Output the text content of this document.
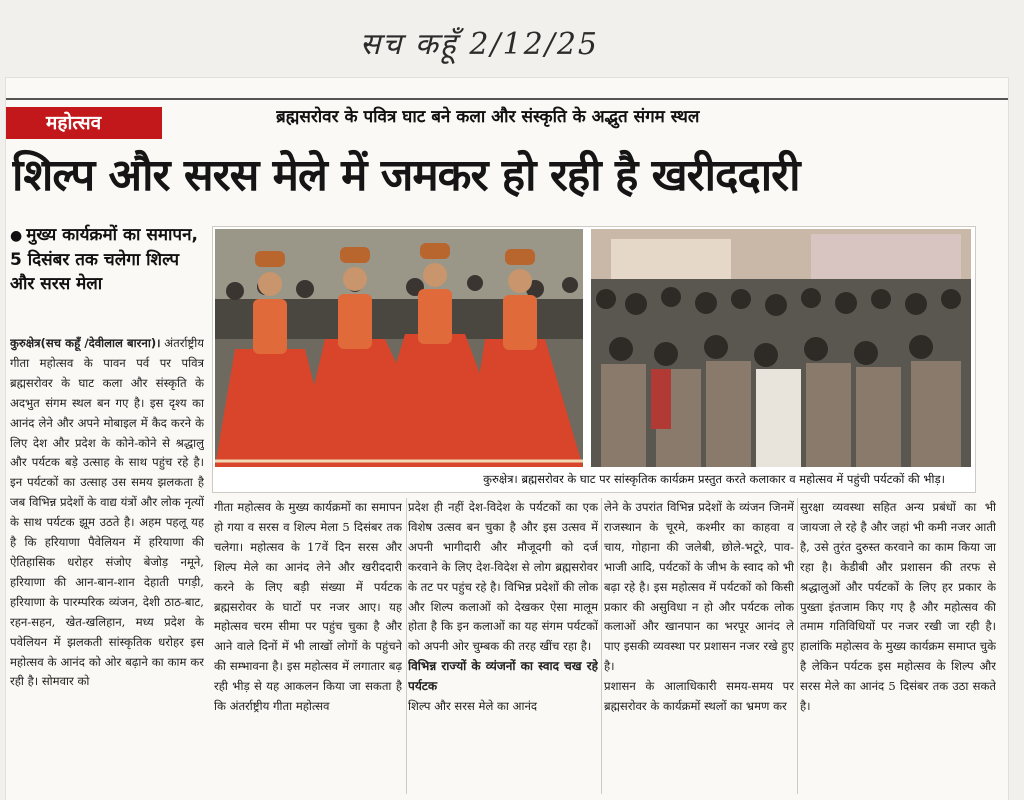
सच कहूँ 2/12/25
महोत्सव	ब्रह्मसरोवर के पवित्र घाट बने कला और संस्कृति के अद्भुत संगम स्थल
शिल्प और सरस मेले में जमकर हो रही है खरीददारी
● मुख्य कार्यक्रमों का समापन, 5 दिसंबर तक चलेगा शिल्प और सरस मेला
कुरुक्षेत्र(सच कहूँ /देवीलाल बारना)। अंतर्राष्ट्रीय गीता महोत्सव के पावन पर्व पर पवित्र ब्रह्मसरोवर के घाट कला और संस्कृति के अदभुत संगम स्थल बन गए है। इस दृश्य का आनंद लेने और अपने मोबाइल में कैद करने के लिए देश और प्रदेश के कोने-कोने से श्रद्धालु और पर्यटक बड़े उत्साह के साथ पहुंच रहे है। इन पर्यटकों का उत्साह उस समय झलकता है जब विभिन्न प्रदेशों के वाद्य यंत्रों और लोक नृत्यों के साथ पर्यटक झूम उठते है। अहम पहलू यह है कि हरियाणा पैवेलियन में हरियाणा की ऐतिहासिक धरोहर संजोए बेजोड़ नमूने, हरियाणा की आन-बान-शान देहाती पगड़ी, हरियाणा के पारम्परिक व्यंजन, देशी ठाठ-बाट, रहन-सहन, खेत-खलिहान, मध्य प्रदेश के पवेलियन में झलकती सांस्कृतिक धरोहर इस महोत्सव के आनंद को ओर बढ़ाने का काम कर रही है। सोमवार को
कुरुक्षेत्र। ब्रह्मसरोवर के घाट पर सांस्कृतिक कार्यक्रम प्रस्तुत करते कलाकार व महोत्सव में पहुंची पर्यटकों की भीड़।
गीता महोत्सव के मुख्य कार्यक्रमों का समापन हो गया व सरस व शिल्प मेला 5 दिसंबर तक चलेगा। महोत्सव के 17वें दिन सरस और शिल्प मेले का आनंद लेने और खरीददारी करने के लिए बड़ी संख्या में पर्यटक ब्रह्मसरोवर के घाटों पर नजर आए। यह महोत्सव चरम सीमा पर पहुंच चुका है और आने वाले दिनों में भी लाखों लोगों के पहुंचने की सम्भावना है। इस महोत्सव में लगातार बढ़ रही भीड़ से यह आकलन किया जा सकता है कि अंतर्राष्ट्रीय गीता महोत्सव
प्रदेश ही नहीं देश-विदेश के पर्यटकों का एक विशेष उत्सव बन चुका है और इस उत्सव में अपनी भागीदारी और मौजूदगी को दर्ज करवाने के लिए देश-विदेश से लोग ब्रह्मसरोवर के तट पर पहुंच रहे है। विभिन्न प्रदेशों की लोक और शिल्प कलाओं को देखकर ऐसा मालूम होता है कि इन कलाओं का यह संगम पर्यटकों को अपनी ओर चुम्बक की तरह खींच रहा है।
विभिन्न राज्यों के व्यंजनों का स्वाद चख रहे पर्यटक
शिल्प और सरस मेले का आनंद
लेने के उपरांत विभिन्न प्रदेशों के व्यंजन जिनमें राजस्थान के चूरमे, कश्मीर का काहवा व चाय, गोहाना की जलेबी, छोले-भटूरे, पाव-भाजी आदि, पर्यटकों के जीभ के स्वाद को भी बढ़ा रहे है। इस महोत्सव में पर्यटकों को किसी प्रकार की असुविधा न हो और पर्यटक लोक कलाओं और खानपान का भरपूर आनंद ले पाए इसकी व्यवस्था पर प्रशासन नजर रखे हुए है।
प्रशासन के आलाधिकारी समय-समय पर ब्रह्मसरोवर के कार्यक्रमों स्थलों का भ्रमण कर
सुरक्षा व्यवस्था सहित अन्य प्रबंधों का भी जायजा ले रहे है और जहां भी कमी नजर आती है, उसे तुरंत दुरुस्त करवाने का काम किया जा रहा है। केडीबी और प्रशासन की तरफ से श्रद्धालुओं और पर्यटकों के लिए हर प्रकार के पुख्ता इंतजाम किए गए है और महोत्सव की तमाम गतिविधियों पर नजर रखी जा रही है। हालांकि महोत्सव के मुख्य कार्यक्रम समाप्त चुके है लेकिन पर्यटक इस महोत्सव के शिल्प और सरस मेले का आनंद 5 दिसंबर तक उठा सकते है।
